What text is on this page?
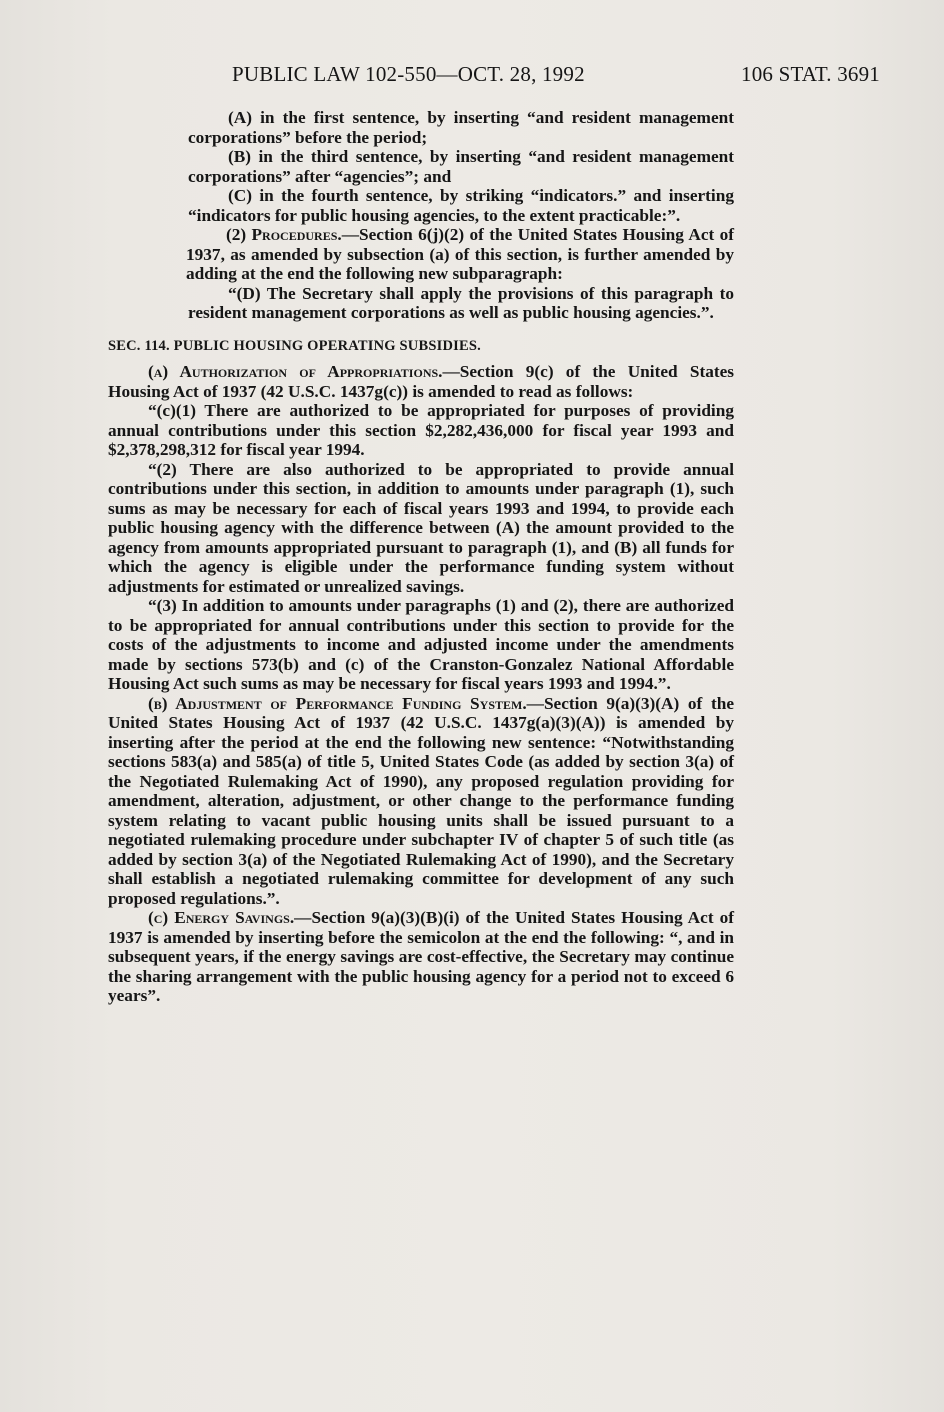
PUBLIC LAW 102-550—OCT. 28, 1992	106 STAT. 3691

(A) in the first sentence, by inserting “and resident management corporations” before the period;

(B) in the third sentence, by inserting “and resident management corporations” after “agencies”; and

(C) in the fourth sentence, by striking “indicators.” and inserting “indicators for public housing agencies, to the extent practicable:”.

(2) Procedures.—Section 6(j)(2) of the United States Housing Act of 1937, as amended by subsection (a) of this section, is further amended by adding at the end the following new subparagraph:

“(D) The Secretary shall apply the provisions of this paragraph to resident management corporations as well as public housing agencies.”.

SEC. 114. PUBLIC HOUSING OPERATING SUBSIDIES.

(a) Authorization of Appropriations.—Section 9(c) of the United States Housing Act of 1937 (42 U.S.C. 1437g(c)) is amended to read as follows:

“(c)(1) There are authorized to be appropriated for purposes of providing annual contributions under this section $2,282,436,000 for fiscal year 1993 and $2,378,298,312 for fiscal year 1994.

“(2) There are also authorized to be appropriated to provide annual contributions under this section, in addition to amounts under paragraph (1), such sums as may be necessary for each of fiscal years 1993 and 1994, to provide each public housing agency with the difference between (A) the amount provided to the agency from amounts appropriated pursuant to paragraph (1), and (B) all funds for which the agency is eligible under the performance funding system without adjustments for estimated or unrealized savings.

“(3) In addition to amounts under paragraphs (1) and (2), there are authorized to be appropriated for annual contributions under this section to provide for the costs of the adjustments to income and adjusted income under the amendments made by sections 573(b) and (c) of the Cranston-Gonzalez National Affordable Housing Act such sums as may be necessary for fiscal years 1993 and 1994.”.

(b) Adjustment of Performance Funding System.—Section 9(a)(3)(A) of the United States Housing Act of 1937 (42 U.S.C. 1437g(a)(3)(A)) is amended by inserting after the period at the end the following new sentence: “Notwithstanding sections 583(a) and 585(a) of title 5, United States Code (as added by section 3(a) of the Negotiated Rulemaking Act of 1990), any proposed regulation providing for amendment, alteration, adjustment, or other change to the performance funding system relating to vacant public housing units shall be issued pursuant to a negotiated rulemaking procedure under subchapter IV of chapter 5 of such title (as added by section 3(a) of the Negotiated Rulemaking Act of 1990), and the Secretary shall establish a negotiated rulemaking committee for development of any such proposed regulations.”.

(c) Energy Savings.—Section 9(a)(3)(B)(i) of the United States Housing Act of 1937 is amended by inserting before the semicolon at the end the following: “, and in subsequent years, if the energy savings are cost-effective, the Secretary may continue the sharing arrangement with the public housing agency for a period not to exceed 6 years”.
